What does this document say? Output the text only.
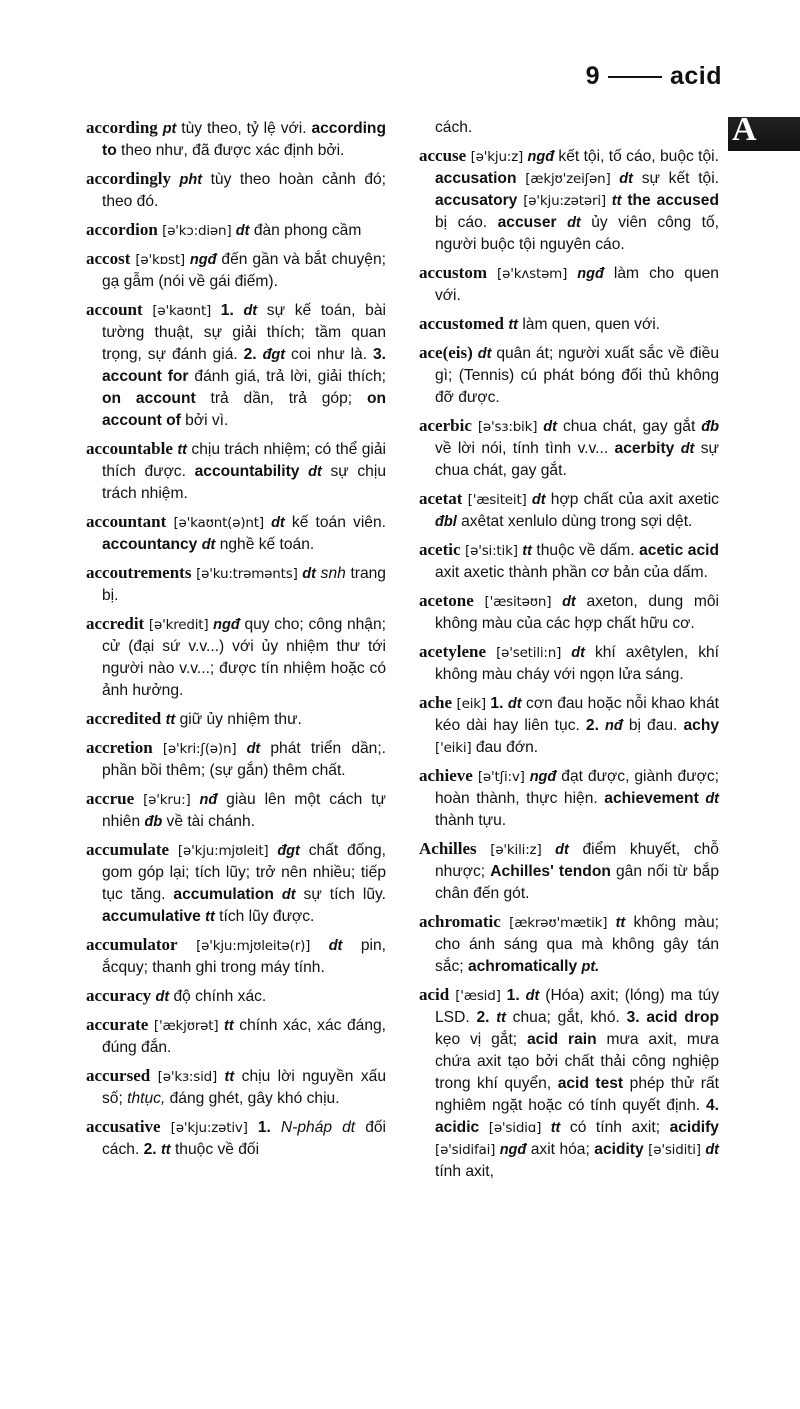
9	acid
A

according pt tùy theo, tỷ lệ với. according to theo như, đã được xác định bởi.

accordingly pht tùy theo hoàn cảnh đó; theo đó.

accordion [ə'kɔ:diən] dt đàn phong cầm

accost [ə'kɒst] ngđ đến gần và bắt chuyện; gạ gẫm (nói về gái điếm).

account [ə'kaʊnt] 1. dt sự kế toán, bài tường thuật, sự giải thích; tầm quan trọng, sự đánh giá. 2. đgt coi như là. 3. account for đánh giá, trả lời, giải thích; on account trả dần, trả góp; on account of bởi vì.

accountable tt chịu trách nhiệm; có thể giải thích được. accountability dt sự chịu trách nhiệm.

accountant [ə'kaʊnt(ə)nt] dt kế toán viên. accountancy dt nghề kế toán.

accoutrements [ə'ku:trəmənts] dt snh trang bị.

accredit [ə'kredit] ngđ quy cho; công nhận; cử (đại sứ v.v...) với ủy nhiệm thư tới người nào v.v...; được tín nhiệm hoặc có ảnh hưởng.

accredited tt giữ ủy nhiệm thư.

accretion [ə'kri:ʃ(ə)n] dt phát triển dần;. phần bồi thêm; (sự gắn) thêm chất.

accrue [ə'kru:] nđ giàu lên một cách tự nhiên đb về tài chánh.

accumulate [ə'kju:mjʊleit] đgt chất đống, gom góp lại; tích lũy; trở nên nhiều; tiếp tục tăng. accumulation dt sự tích lũy. accumulative tt tích lũy được.

accumulator [ə'kju:mjʊleitə(r)] dt pin, ắcquy; thanh ghi trong máy tính.

accuracy dt độ chính xác.

accurate ['ækjʊrət] tt chính xác, xác đáng, đúng đắn.

accursed [ə'kɜ:sid] tt chịu lời nguyền xấu số; thtục, đáng ghét, gây khó chịu.

accusative [ə'kju:zətiv] 1. N-pháp dt đối cách. 2. tt thuộc về đối

cách.

accuse [ə'kju:z] ngđ kết tội, tố cáo, buộc tội. accusation [ækjʊ'zeiʃən] dt sự kết tội. accusatory [ə'kju:zətəri] tt the accused bị cáo. accuser dt ủy viên công tố, người buộc tội nguyên cáo.

accustom [ə'kʌstəm] ngđ làm cho quen với.

accustomed tt làm quen, quen với.

ace(eis) dt quân át; người xuất sắc về điều gì; (Tennis) cú phát bóng đối thủ không đỡ được.

acerbic [ə'sɜ:bik] dt chua chát, gay gắt đb về lời nói, tính tình v.v... acerbity dt sự chua chát, gay gắt.

acetat ['æsiteit] dt hợp chất của axit axetic đbl axêtat xenlulo dùng trong sợi dệt.

acetic [ə'si:tik] tt thuộc về dấm. acetic acid axit axetic thành phần cơ bản của dấm.

acetone ['æsitəʊn] dt axeton, dung môi không màu của các hợp chất hữu cơ.

acetylene [ə'setili:n] dt khí axêtylen, khí không màu cháy với ngọn lửa sáng.

ache [eik] 1. dt cơn đau hoặc nỗi khao khát kéo dài hay liên tục. 2. nđ bị đau. achy ['eiki] đau đớn.

achieve [ə'tʃi:v] ngđ đạt được, giành được; hoàn thành, thực hiện. achievement dt thành tựu.

Achilles [ə'kili:z] dt điểm khuyết, chỗ nhược; Achilles' tendon gân nối từ bắp chân đến gót.

achromatic [ækrəʊ'mætik] tt không màu; cho ánh sáng qua mà không gây tán sắc; achromatically pt.

acid ['æsid] 1. dt (Hóa) axit; (lóng) ma túy LSD. 2. tt chua; gắt, khó. 3. acid drop kẹo vị gắt; acid rain mưa axit, mưa chứa axit tạo bởi chất thải công nghiệp trong khí quyển, acid test phép thử rất nghiêm ngặt hoặc có tính quyết định. 4. acidic [ə'sidiɑ] tt có tính axit; acidify [ə'sidifai] ngđ axit hóa; acidity [ə'siditi] dt tính axit,
